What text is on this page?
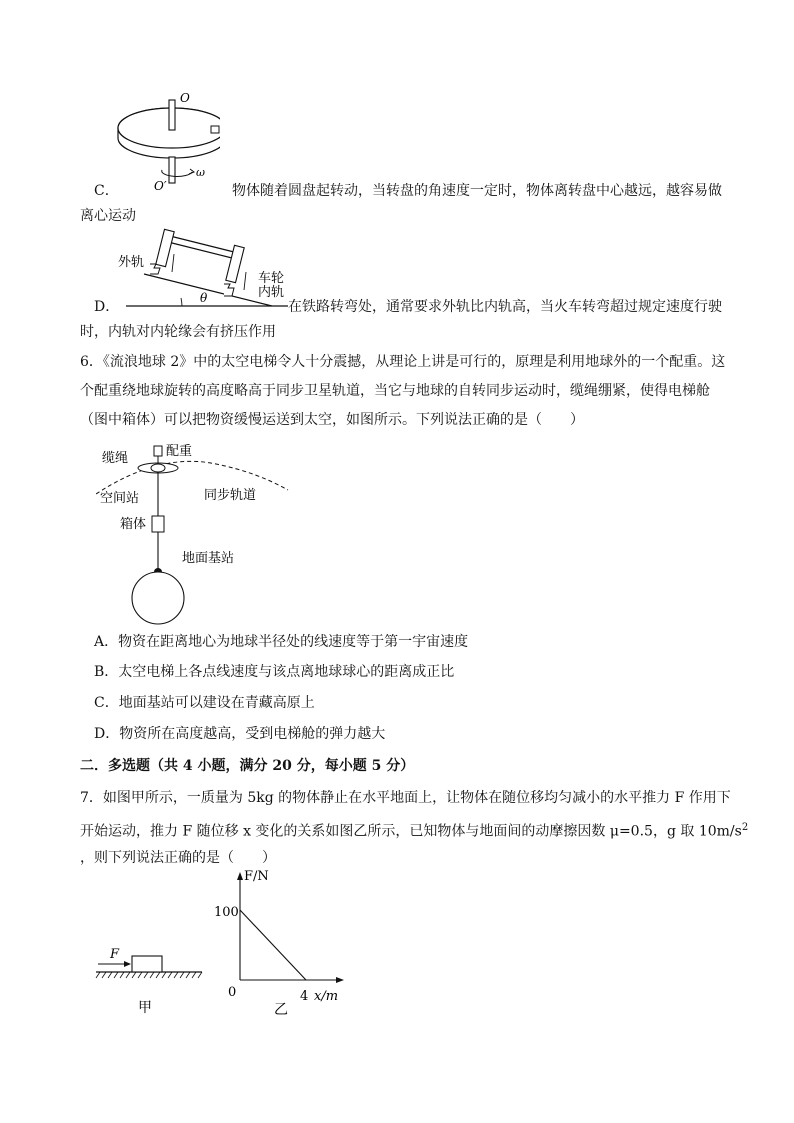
O
O′
ω
C．	物体随着圆盘起转动，当转盘的角速度一定时，物体离转盘中心越远，越容易做
离心运动
外轨
车轮
内轨
θ
D．	在铁路转弯处，通常要求外轨比内轨高，当火车转弯超过规定速度行驶
时，内轨对内轮缘会有挤压作用
6．《流浪地球 2》中的太空电梯令人十分震撼，从理论上讲是可行的，原理是利用地球外的一个配重。这
个配重绕地球旋转的高度略高于同步卫星轨道，当它与地球的自转同步运动时，缆绳绷紧，使得电梯舱
（图中箱体）可以把物资缓慢运送到太空，如图所示。下列说法正确的是（　　）
缆绳	配重
空间站	同步轨道
箱体
地面基站
A．物资在距离地心为地球半径处的线速度等于第一宇宙速度
B．太空电梯上各点线速度与该点离地球球心的距离成正比
C．地面基站可以建设在青藏高原上
D．物资所在高度越高，受到电梯舱的弹力越大
二．多选题（共 4 小题，满分 20 分，每小题 5 分）
7．如图甲所示，一质量为 5kg 的物体静止在水平地面上，让物体在随位移均匀减小的水平推力 F 作用下
开始运动，推力 F 随位移 x 变化的关系如图乙所示，已知物体与地面间的动摩擦因数 μ=0.5，g 取 $10m/s^2$
，则下列说法正确的是（　　）
F
甲
F/N
100
0	4 x/m
乙
